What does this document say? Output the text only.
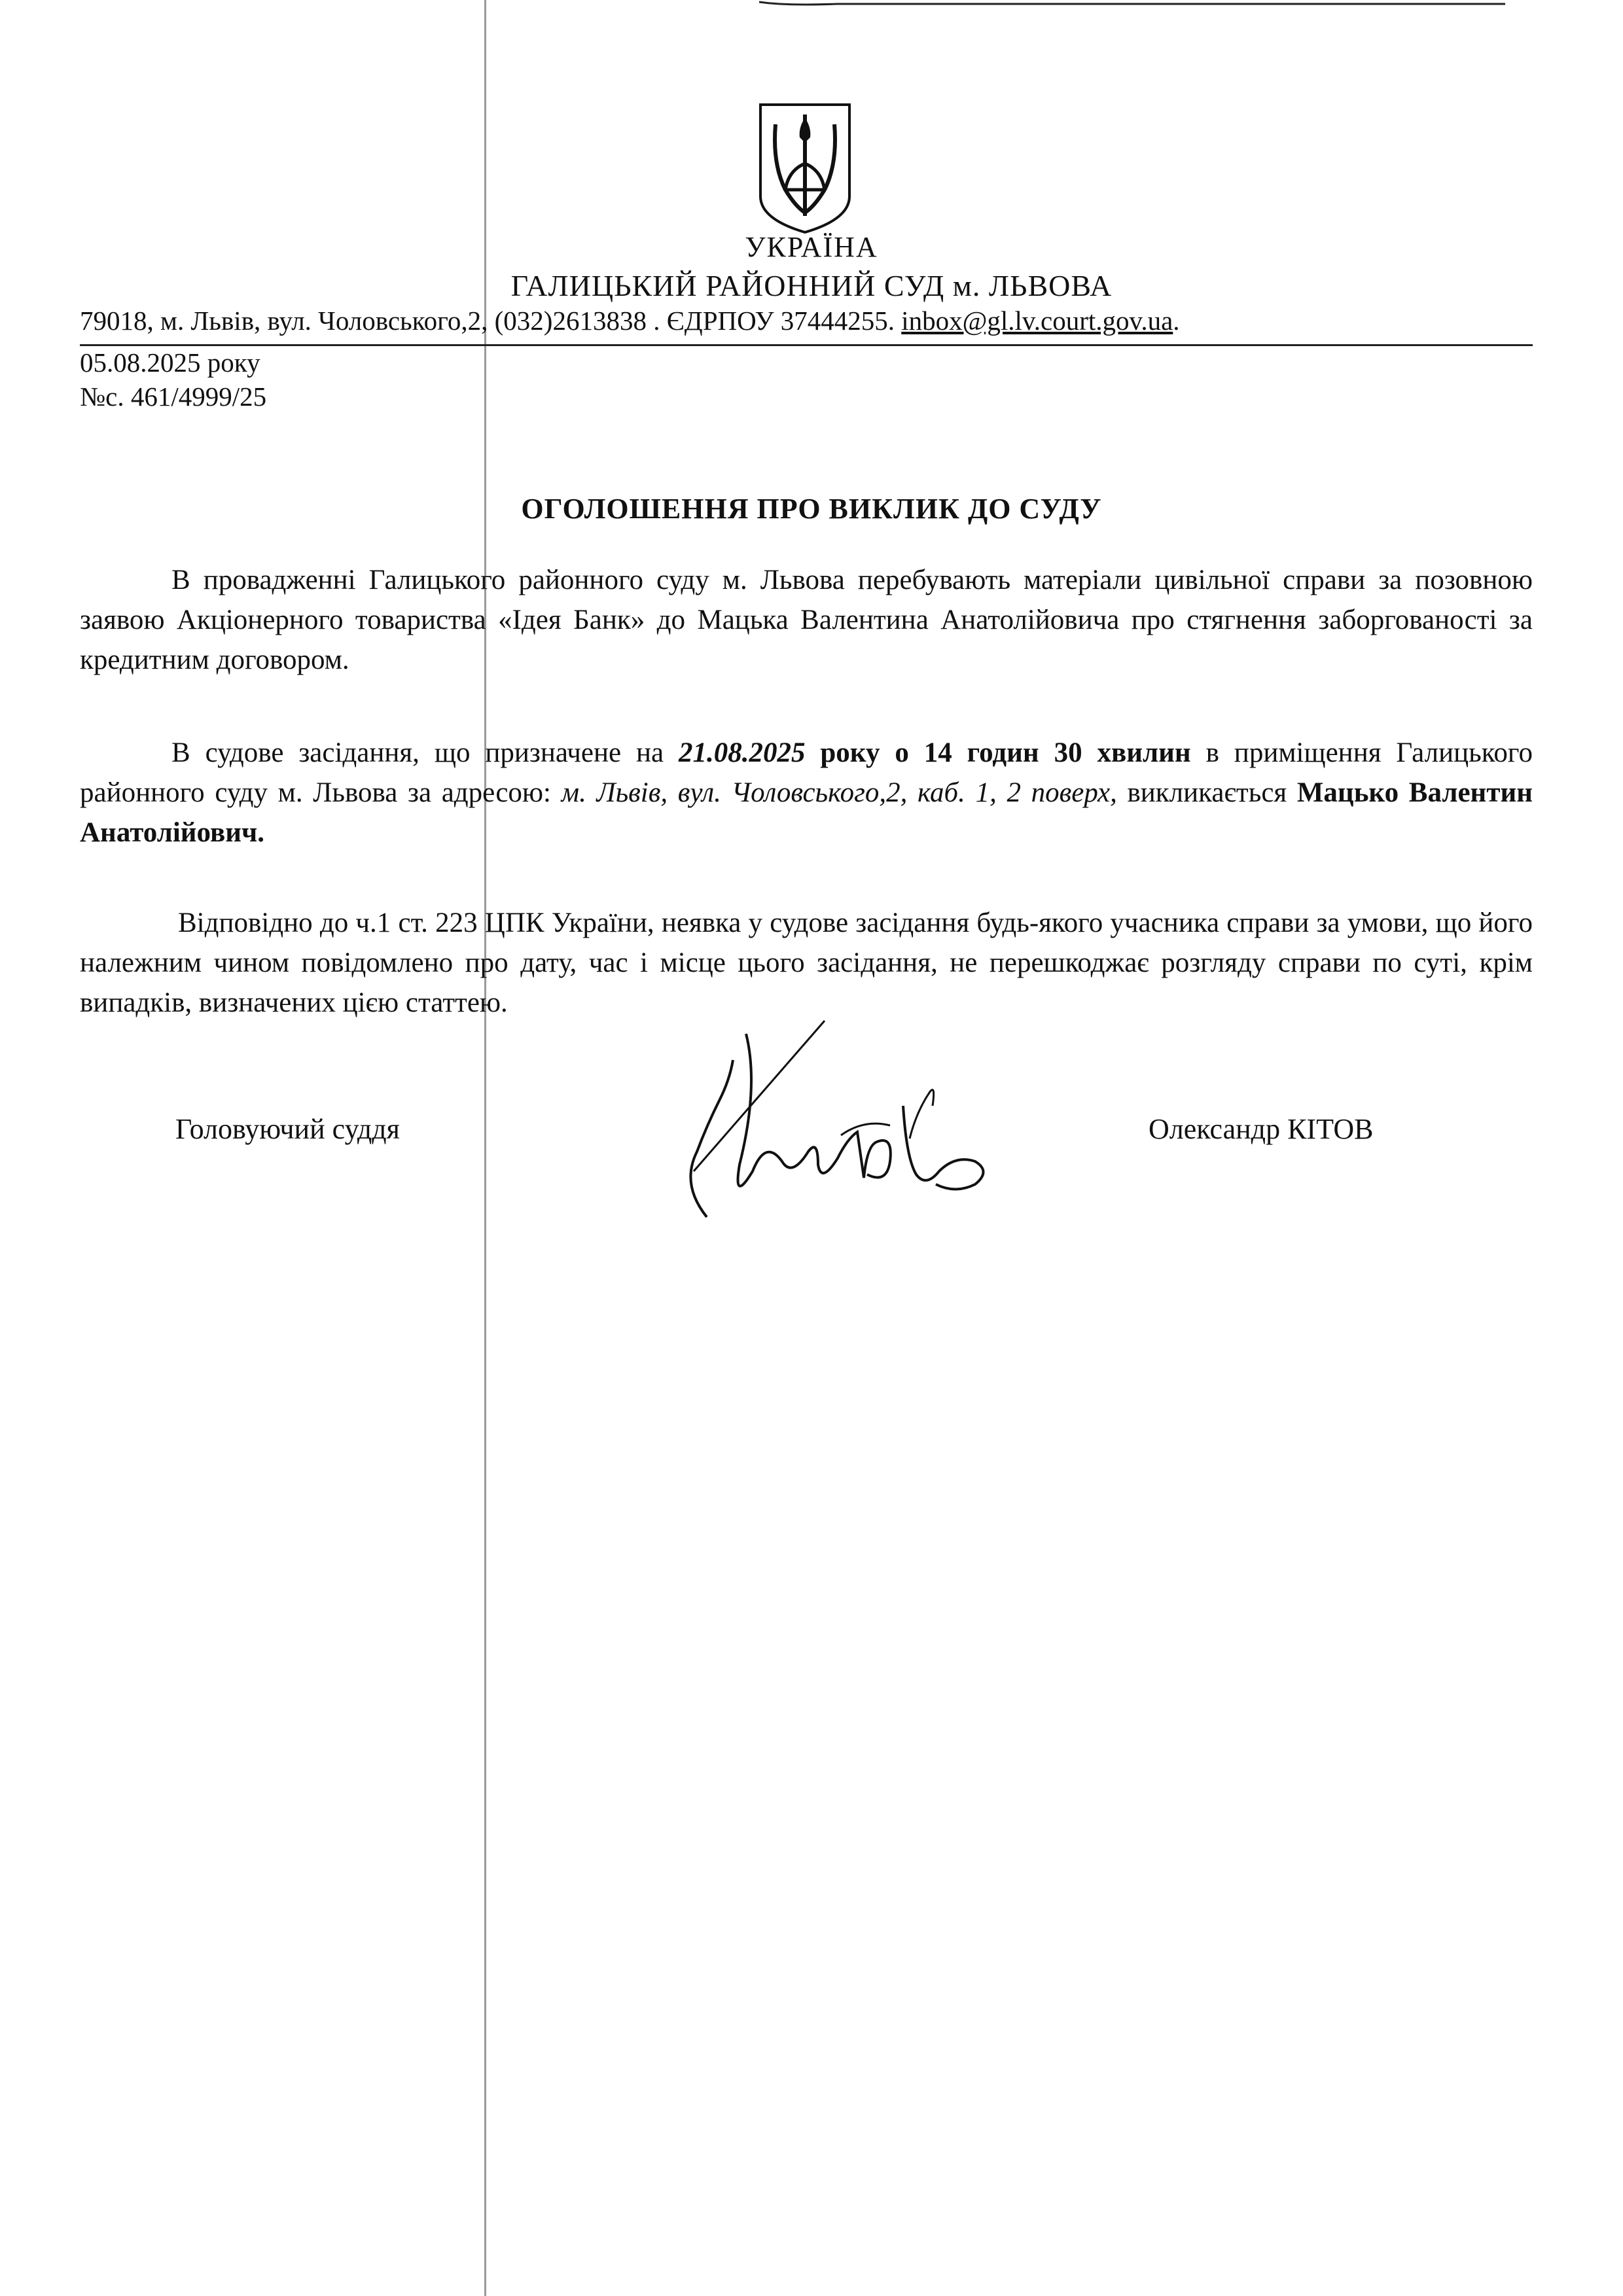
УКРАЇНА
ГАЛИЦЬКИЙ РАЙОННИЙ СУД м. ЛЬВОВА
79018, м. Львів, вул. Чоловського,2, (032)2613838 . ЄДРПОУ 37444255. inbox@gl.lv.court.gov.ua.
05.08.2025 року
№с. 461/4999/25
ОГОЛОШЕННЯ ПРО ВИКЛИК ДО СУДУ

В провадженні Галицького районного суду м. Львова перебувають матеріали цивільної справи за позовною заявою Акціонерного товариства «Ідея Банк» до Мацька Валентина Анатолійовича про стягнення заборгованості за кредитним договором.

В судове засідання, що призначене на 21.08.2025 року о 14 годин 30 хвилин в приміщення Галицького районного суду м. Львова за адресою: м. Львів, вул. Чоловського,2, каб. 1, 2 поверх, викликається Мацько Валентин Анатолійович.

Відповідно до ч.1 ст. 223 ЦПК України, неявка у судове засідання будь-якого учасника справи за умови, що його належним чином повідомлено про дату, час і місце цього засідання, не перешкоджає розгляду справи по суті, крім випадків, визначених цією статтею.

Головуючий суддя	Олександр КІТОВ
